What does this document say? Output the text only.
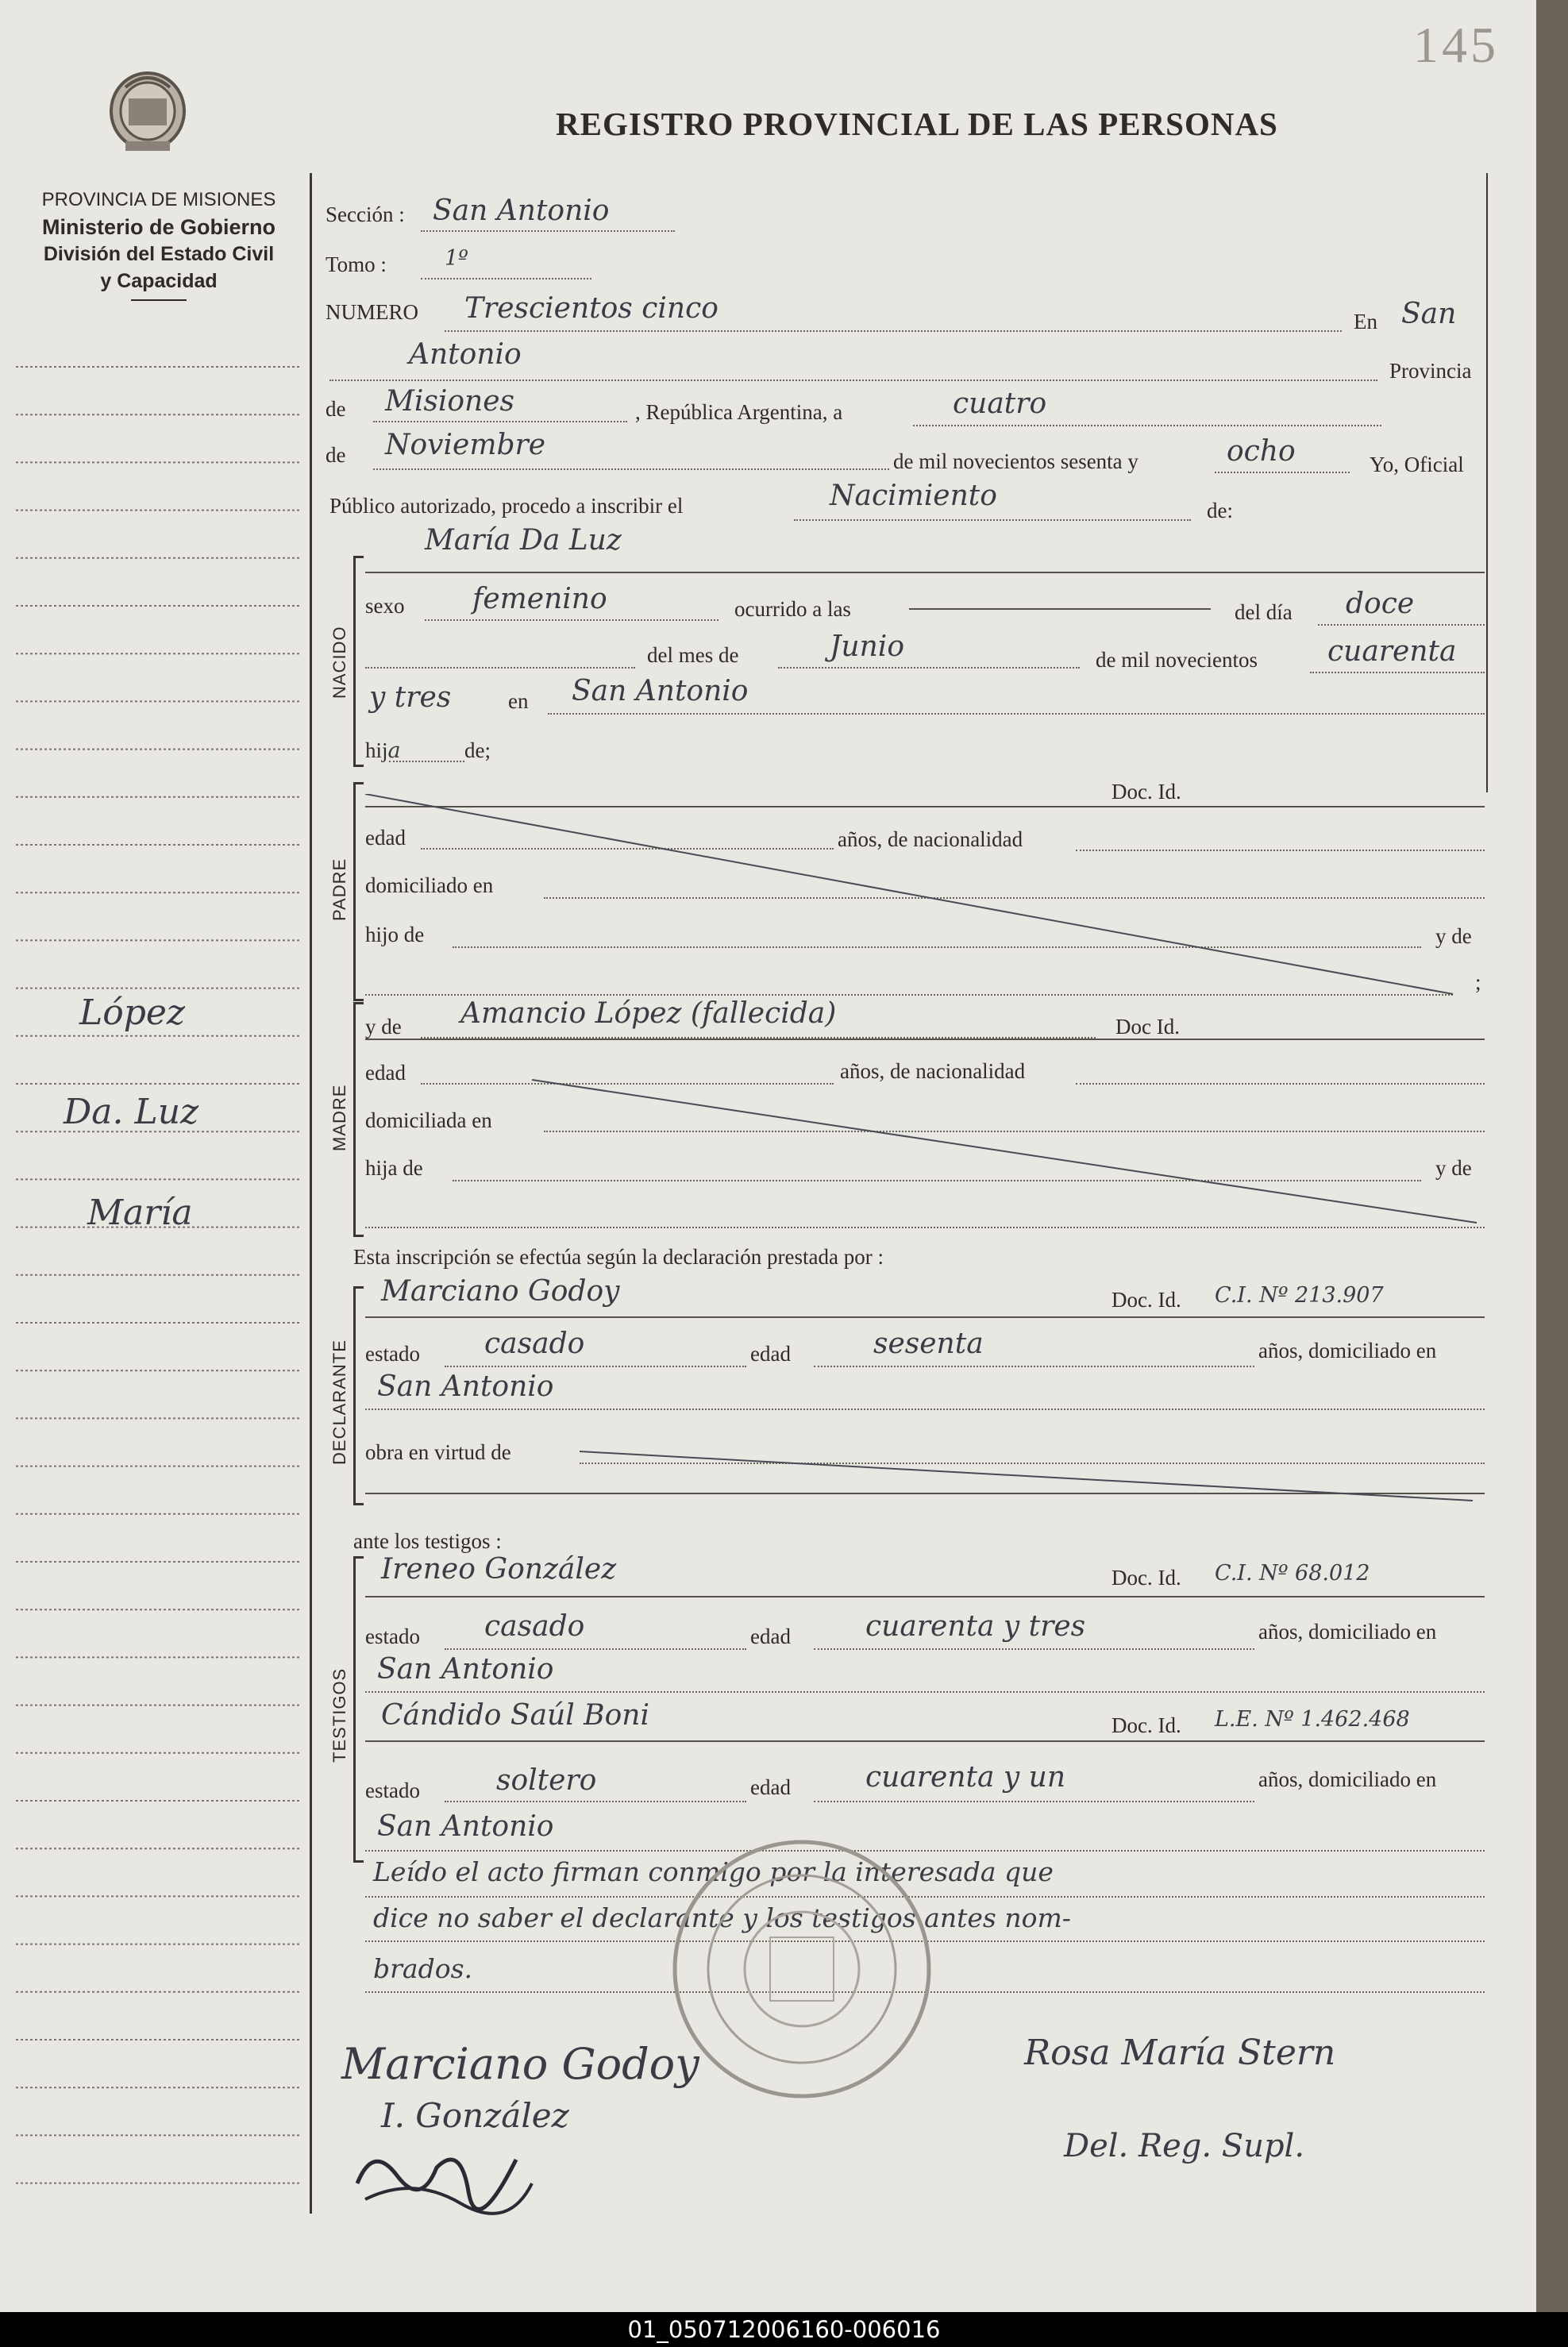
145
PROVINCIA DE MISIONES
Ministerio de Gobierno
División del Estado Civil
y Capacidad
REGISTRO PROVINCIAL DE LAS PERSONAS
López
Da. Luz
María
Sección : San Antonio
Tomo :	1º
NUMERO Trescientos cinco	En San
Antonio	Provincia
de Misiones	, República Argentina, a	cuatro
de Noviembre	de mil novecientos sesenta y	ocho	Yo, Oficial
Público autorizado, procedo a inscribir el	Nacimiento	de:
María Da Luz
NACIDO
sexo femenino	ocurrido a las	del día doce
del mes de	Junio	de mil novecientos cuarenta
y tres	en San Antonio
hija	de;
PADRE
Doc. Id.
edad	años, de nacionalidad
domiciliado en
hijo de	y de
;
MADRE
y de Amancio López (fallecida)	Doc Id.
edad	años, de nacionalidad
domiciliada en
hija de	y de
Esta inscripción se efectúa según la declaración prestada por :
DECLARANTE
Marciano Godoy	Doc. Id. C.I. Nº 213.907
estado casado	edad	sesenta	años, domiciliado en
San Antonio
obra en virtud de
ante los testigos :
TESTIGOS
Ireneo González	Doc. Id. C.I. Nº 68.012
estado casado	edad	cuarenta y tres	años, domiciliado en
San Antonio
Cándido Saúl Boni	Doc. Id. L.E. Nº 1.462.468
estado	soltero	edad	cuarenta y un	años, domiciliado en
San Antonio
Leído el acto firman conmigo por la interesada que
dice no saber el declarante y los testigos antes nom-
brados.
Marciano Godoy
I. González
Rosa María Stern
Del. Reg. Supl.
01_050712006160-006016
